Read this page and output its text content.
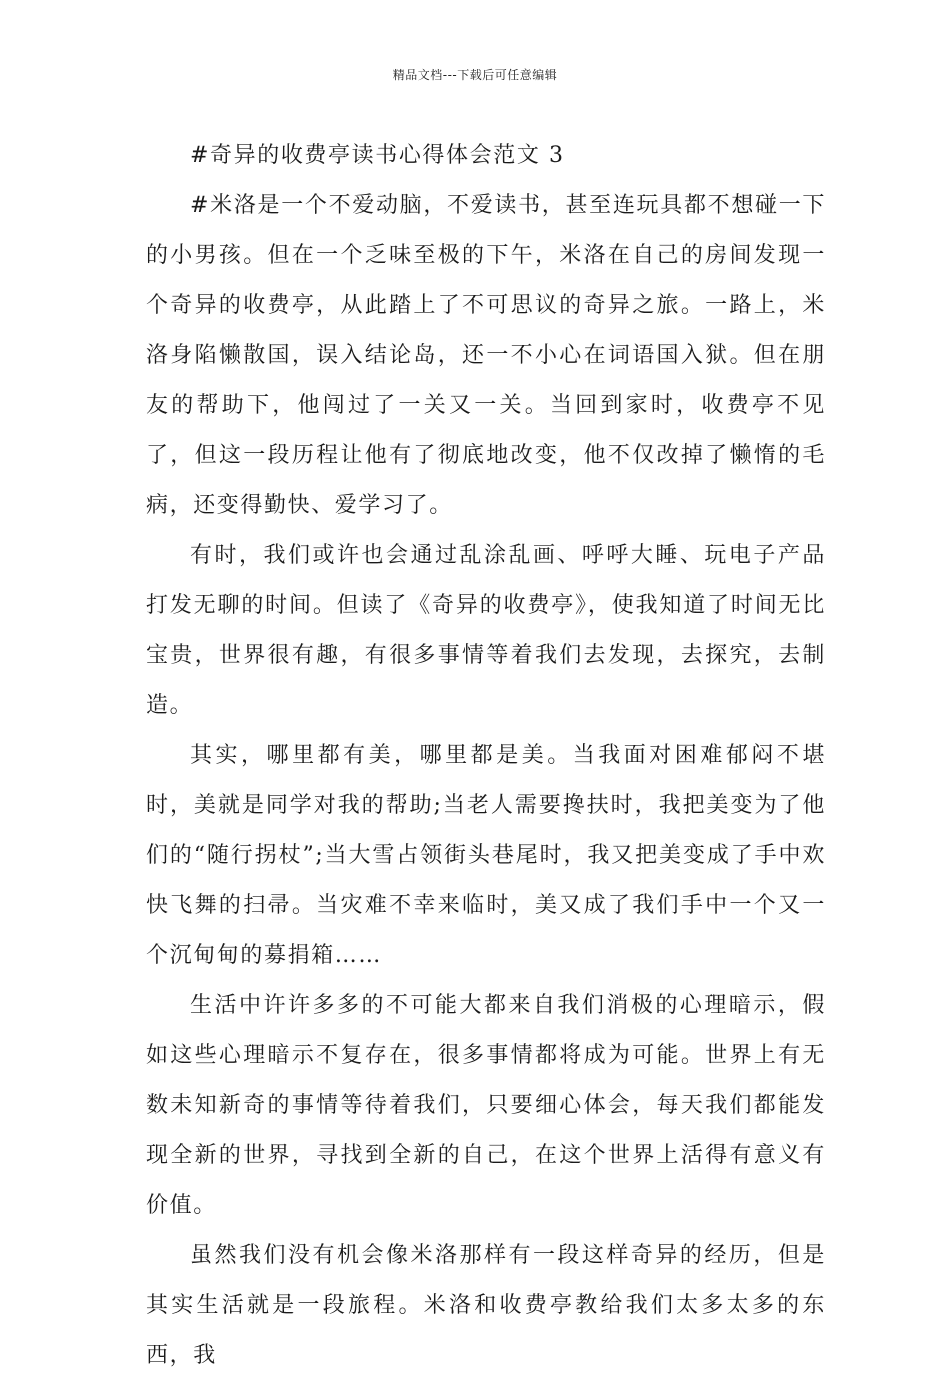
精品文档---下载后可任意编辑

#奇异的收费亭读书心得体会范文 3

#米洛是一个不爱动脑，不爱读书，甚至连玩具都不想碰一下的小男孩。但在一个乏味至极的下午，米洛在自己的房间发现一个奇异的收费亭，从此踏上了不可思议的奇异之旅。一路上，米洛身陷懒散国，误入结论岛，还一不小心在词语国入狱。但在朋友的帮助下，他闯过了一关又一关。当回到家时，收费亭不见了，但这一段历程让他有了彻底地改变，他不仅改掉了懒惰的毛病，还变得勤快、爱学习了。

有时，我们或许也会通过乱涂乱画、呼呼大睡、玩电子产品打发无聊的时间。但读了《奇异的收费亭》，使我知道了时间无比宝贵，世界很有趣，有很多事情等着我们去发现，去探究，去制造。

其实，哪里都有美，哪里都是美。当我面对困难郁闷不堪时，美就是同学对我的帮助;当老人需要搀扶时，我把美变为了他们的“随行拐杖”;当大雪占领街头巷尾时，我又把美变成了手中欢快飞舞的扫帚。当灾难不幸来临时，美又成了我们手中一个又一个沉甸甸的募捐箱……

生活中许许多多的不可能大都来自我们消极的心理暗示，假如这些心理暗示不复存在，很多事情都将成为可能。世界上有无数未知新奇的事情等待着我们，只要细心体会，每天我们都能发现全新的世界，寻找到全新的自己，在这个世界上活得有意义有价值。

虽然我们没有机会像米洛那样有一段这样奇异的经历，但是其实生活就是一段旅程。米洛和收费亭教给我们太多太多的东西，我
